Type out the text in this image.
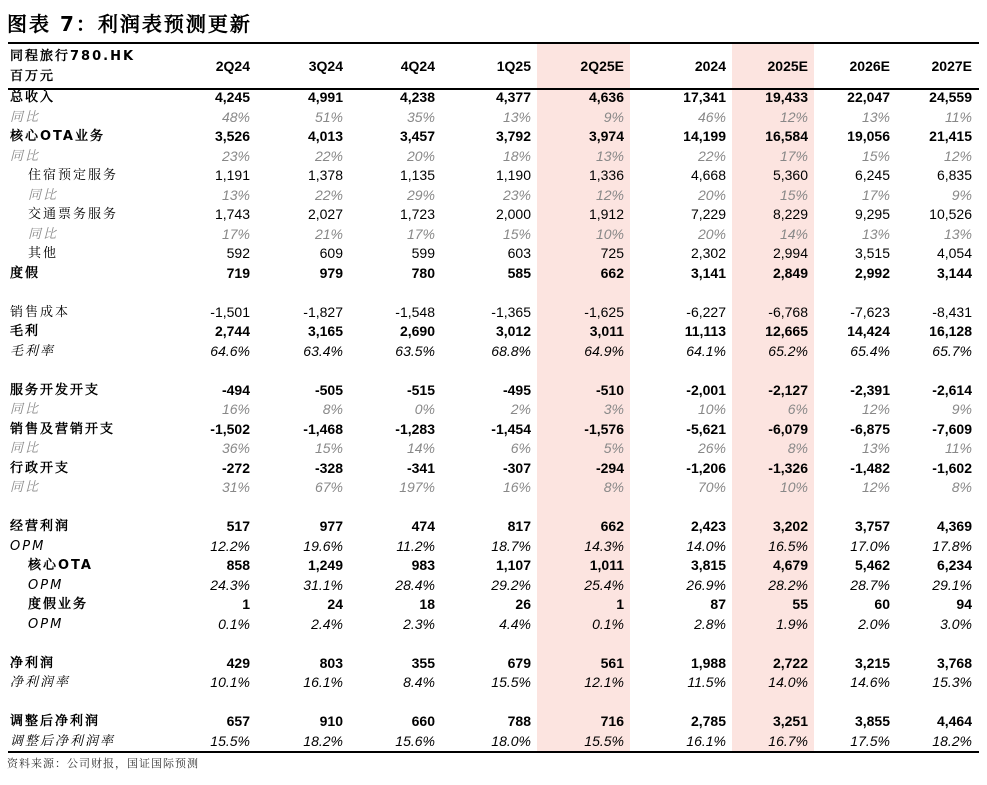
图表 7：利润表预测更新
同程旅行780.HK
百万元	2Q24	3Q24	4Q24	1Q25	2Q25E	2024	2025E	2026E	2027E
总收入	4,245	4,991	4,238	4,377	4,636	17,341	19,433	22,047	24,559
同比	48%	51%	35%	13%	9%	46%	12%	13%	11%
核心OTA业务	3,526	4,013	3,457	3,792	3,974	14,199	16,584	19,056	21,415
同比	23%	22%	20%	18%	13%	22%	17%	15%	12%
住宿预定服务	1,191	1,378	1,135	1,190	1,336	4,668	5,360	6,245	6,835
同比	13%	22%	29%	23%	12%	20%	15%	17%	9%
交通票务服务	1,743	2,027	1,723	2,000	1,912	7,229	8,229	9,295	10,526
同比	17%	21%	17%	15%	10%	20%	14%	13%	13%
其他	592	609	599	603	725	2,302	2,994	3,515	4,054
度假	719	979	780	585	662	3,141	2,849	2,992	3,144

销售成本	-1,501	-1,827	-1,548	-1,365	-1,625	-6,227	-6,768	-7,623	-8,431
毛利	2,744	3,165	2,690	3,012	3,011	11,113	12,665	14,424	16,128
毛利率	64.6%	63.4%	63.5%	68.8%	64.9%	64.1%	65.2%	65.4%	65.7%

服务开发开支	-494	-505	-515	-495	-510	-2,001	-2,127	-2,391	-2,614
同比	16%	8%	0%	2%	3%	10%	6%	12%	9%
销售及营销开支	-1,502	-1,468	-1,283	-1,454	-1,576	-5,621	-6,079	-6,875	-7,609
同比	36%	15%	14%	6%	5%	26%	8%	13%	11%
行政开支	-272	-328	-341	-307	-294	-1,206	-1,326	-1,482	-1,602
同比	31%	67%	197%	16%	8%	70%	10%	12%	8%

经营利润	517	977	474	817	662	2,423	3,202	3,757	4,369
OPM	12.2%	19.6%	11.2%	18.7%	14.3%	14.0%	16.5%	17.0%	17.8%
核心OTA	858	1,249	983	1,107	1,011	3,815	4,679	5,462	6,234
OPM	24.3%	31.1%	28.4%	29.2%	25.4%	26.9%	28.2%	28.7%	29.1%
度假业务	1	24	18	26	1	87	55	60	94
OPM	0.1%	2.4%	2.3%	4.4%	0.1%	2.8%	1.9%	2.0%	3.0%

净利润	429	803	355	679	561	1,988	2,722	3,215	3,768
净利润率	10.1%	16.1%	8.4%	15.5%	12.1%	11.5%	14.0%	14.6%	15.3%

调整后净利润	657	910	660	788	716	2,785	3,251	3,855	4,464
调整后净利润率	15.5%	18.2%	15.6%	18.0%	15.5%	16.1%	16.7%	17.5%	18.2%
资料来源：公司财报，国证国际预测
